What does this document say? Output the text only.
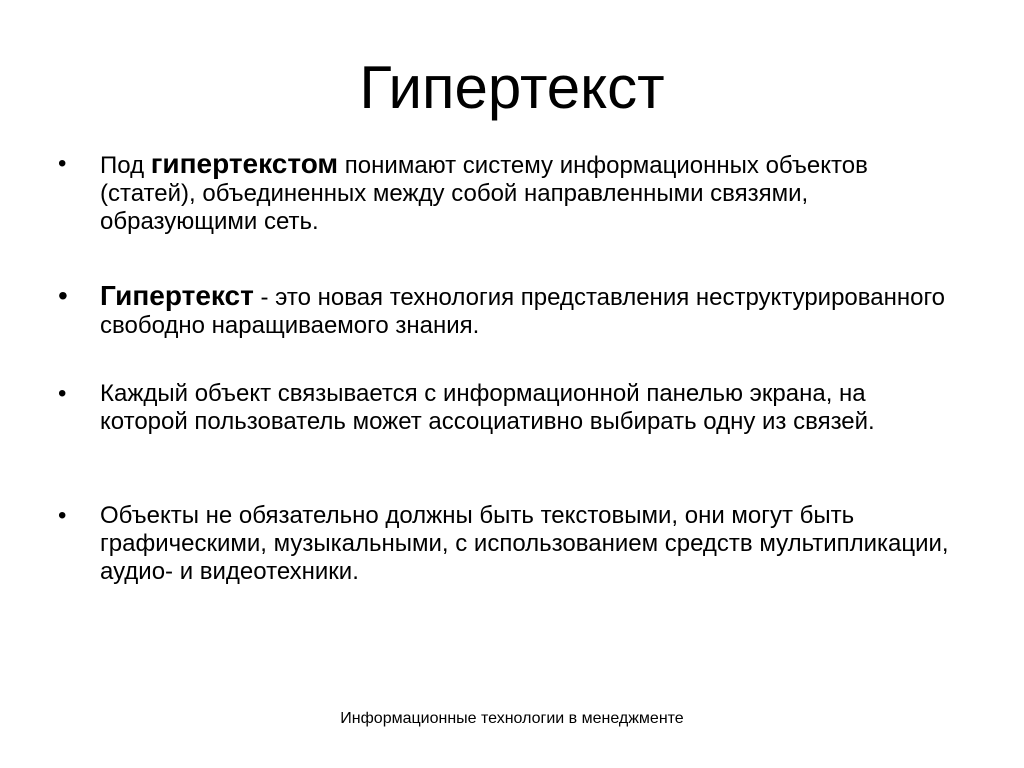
Гипертекст
• Под гипертекстом понимают систему информационных объектов (статей), объединенных между собой направленными связями, образующими сеть.
• Гипертекст - это новая технология представления неструктурированного свободно наращиваемого знания.
• Каждый объект связывается с информационной панелью экрана, на которой пользователь может ассоциативно выбирать одну из связей.
• Объекты не обязательно должны быть текстовыми, они могут быть графическими, музыкальными, с использованием средств мультипликации, аудио- и видеотехники.
Информационные технологии в менеджменте
